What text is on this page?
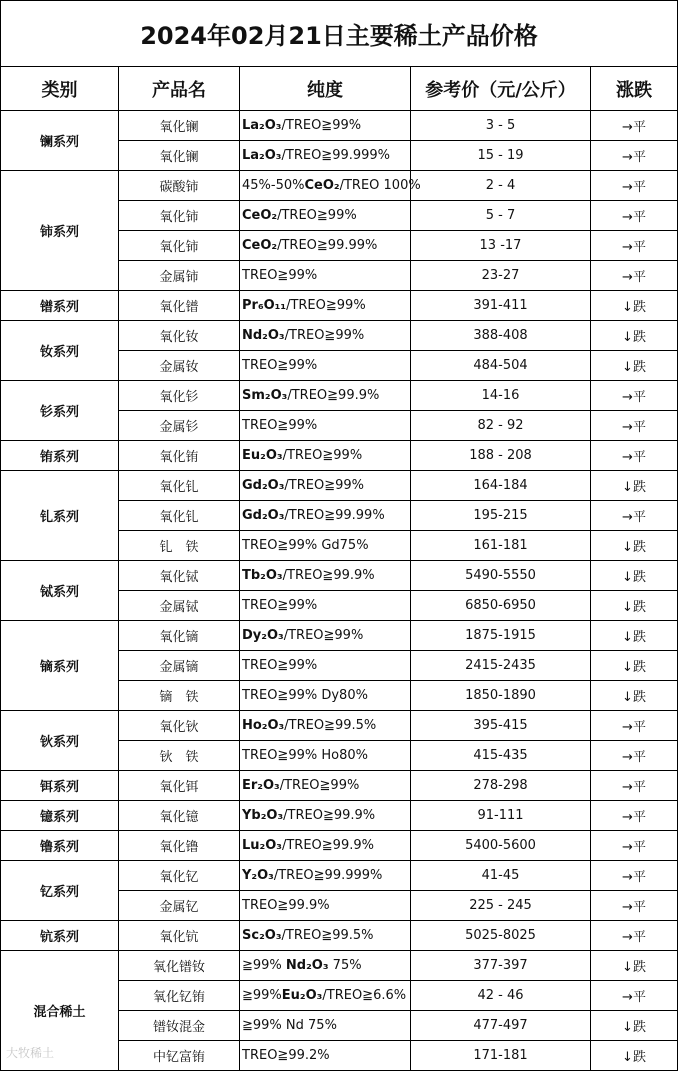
2024年02月21日主要稀土产品价格				
类别	产品名	纯度	参考价（元/公斤）	涨跌
镧系列	氧化镧	La₂O₃/TREO≧99%	3 - 5	→平
	氧化镧	La₂O₃/TREO≧99.999%	15 - 19	→平
铈系列	碳酸铈	45%-50%CeO₂/TREO 100%	2 - 4	→平
	氧化铈	CeO₂/TREO≧99%	5 - 7	→平
	氧化铈	CeO₂/TREO≧99.99%	13 -17	→平
	金属铈	TREO≧99%	23-27	→平
镨系列	氧化镨	Pr₆O₁₁/TREO≧99%	391-411	↓跌
钕系列	氧化钕	Nd₂O₃/TREO≧99%	388-408	↓跌
	金属钕	TREO≧99%	484-504	↓跌
钐系列	氧化钐	Sm₂O₃/TREO≧99.9%	14-16	→平
	金属钐	TREO≧99%	82 - 92	→平
铕系列	氧化铕	Eu₂O₃/TREO≧99%	188 - 208	→平
钆系列	氧化钆	Gd₂O₃/TREO≧99%	164-184	↓跌
	氧化钆	Gd₂O₃/TREO≧99.99%	195-215	→平
	钆　铁	TREO≧99% Gd75%	161-181	↓跌
铽系列	氧化铽	Tb₂O₃/TREO≧99.9%	5490-5550	↓跌
	金属铽	TREO≧99%	6850-6950	↓跌
镝系列	氧化镝	Dy₂O₃/TREO≧99%	1875-1915	↓跌
	金属镝	TREO≧99%	2415-2435	↓跌
	镝　铁	TREO≧99% Dy80%	1850-1890	↓跌
钬系列	氧化钬	Ho₂O₃/TREO≧99.5%	395-415	→平
	钬　铁	TREO≧99% Ho80%	415-435	→平
铒系列	氧化铒	Er₂O₃/TREO≧99%	278-298	→平
镱系列	氧化镱	Yb₂O₃/TREO≧99.9%	91-111	→平
镥系列	氧化镥	Lu₂O₃/TREO≧99.9%	5400-5600	→平
钇系列	氧化钇	Y₂O₃/TREO≧99.999%	41-45	→平
	金属钇	TREO≧99.9%	225 - 245	→平
钪系列	氧化钪	Sc₂O₃/TREO≧99.5%	5025-8025	→平
混合稀土	氧化镨钕	≧99% Nd₂O₃ 75%	377-397	↓跌
	氧化钇铕	≧99%Eu₂O₃/TREO≧6.6%	42 - 46	→平
	镨钕混金	≧99% Nd 75%	477-497	↓跌
	中钇富铕	TREO≧99.2%	171-181	↓跌
大牧稀土
